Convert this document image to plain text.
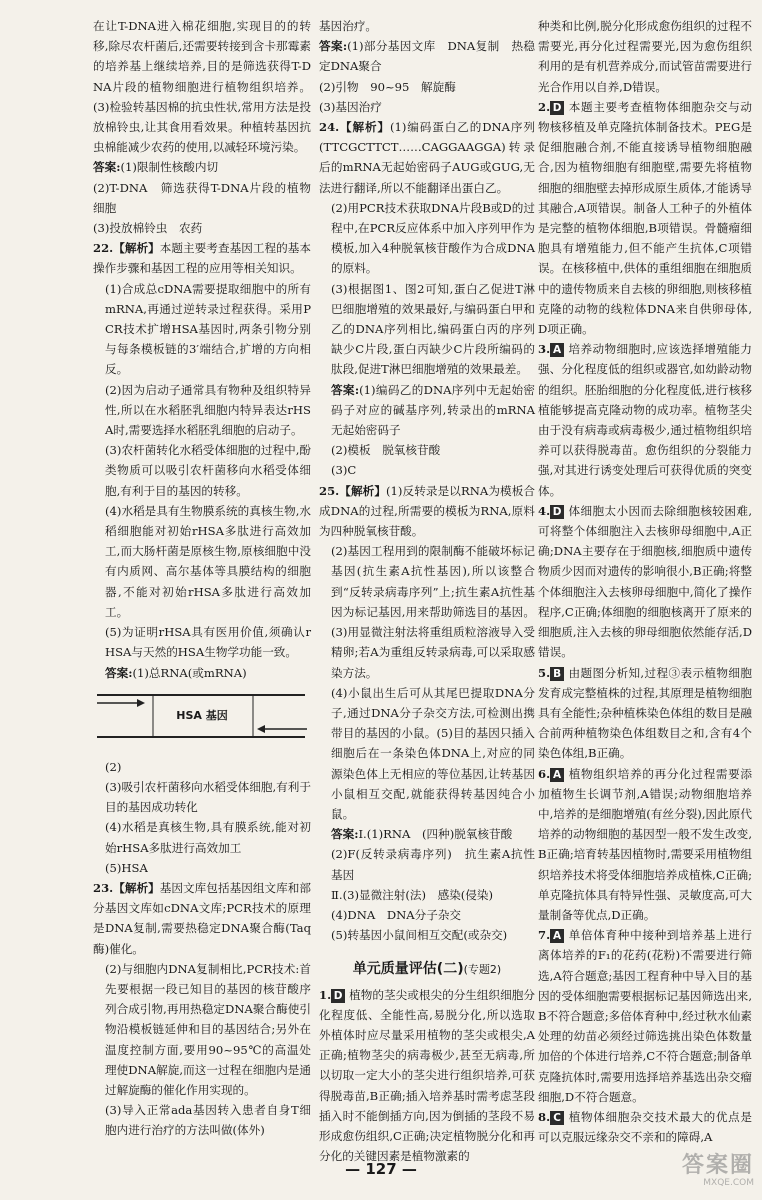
在让T-DNA进入棉花细胞,实现目的的转移,除尽农杆菌后,还需要转接到含卡那霉素的培养基上继续培养,目的是筛选获得T-DNA片段的植物细胞进行植物组织培养。(3)检验转基因棉的抗虫性状,常用方法是投放棉铃虫,让其食用看效果。种植转基因抗虫棉能减少农药的使用,以减轻环境污染。

答案:(1)限制性核酸内切

(2)T-DNA　筛选获得T-DNA片段的植物细胞

(3)投放棉铃虫　农药

22.【解析】本题主要考查基因工程的基本操作步骤和基因工程的应用等相关知识。

(1)合成总cDNA需要提取细胞中的所有mRNA,再通过逆转录过程获得。采用PCR技术扩增HSA基因时,两条引物分别与每条模板链的3′端结合,扩增的方向相反。

(2)因为启动子通常具有物种及组织特异性,所以在水稻胚乳细胞内特异表达rHSA时,需要选择水稻胚乳细胞的启动子。

(3)农杆菌转化水稻受体细胞的过程中,酚类物质可以吸引农杆菌移向水稻受体细胞,有利于目的基因的转移。

(4)水稻是具有生物膜系统的真核生物,水稻细胞能对初始rHSA多肽进行高效加工,而大肠杆菌是原核生物,原核细胞中没有内质网、高尔基体等具膜结构的细胞器,不能对初始rHSA多肽进行高效加工。

(5)为证明rHSA具有医用价值,须确认rHSA与天然的HSA生物学功能一致。

答案:(1)总RNA(或mRNA)

HSA 基因

(2)

(3)吸引农杆菌移向水稻受体细胞,有利于目的基因成功转化

(4)水稻是真核生物,具有膜系统,能对初始rHSA多肽进行高效加工

(5)HSA

23.【解析】基因文库包括基因组文库和部分基因文库如cDNA文库;PCR技术的原理是DNA复制,需要热稳定DNA聚合酶(Taq酶)催化。

(2)与细胞内DNA复制相比,PCR技术:首先要根据一段已知目的基因的核苷酸序列合成引物,再用热稳定DNA聚合酶使引物沿模板链延伸和目的基因结合;另外在温度控制方面,要用90~95℃的高温处理使DNA解旋,而这一过程在细胞内是通过解旋酶的催化作用实现的。

(3)导入正常ada基因转入患者自身T细胞内进行治疗的方法叫做(体外)

基因治疗。

答案:(1)部分基因文库　DNA复制　热稳定DNA聚合

(2)引物　90~95　解旋酶

(3)基因治疗

24.【解析】(1)编码蛋白乙的DNA序列(TTCGCTTCT……CAGGAAGGA)转录后的mRNA无起始密码子AUG或GUG,无法进行翻译,所以不能翻译出蛋白乙。

(2)用PCR技术获取DNA片段B或D的过程中,在PCR反应体系中加入序列甲作为模板,加入4种脱氧核苷酸作为合成DNA的原料。

(3)根据图1、图2可知,蛋白乙促进T淋巴细胞增殖的效果最好,与编码蛋白甲和乙的DNA序列相比,编码蛋白丙的序列缺少C片段,蛋白丙缺少C片段所编码的肽段,促进T淋巴细胞增殖的效果最差。

答案:(1)编码乙的DNA序列中无起始密码子对应的碱基序列,转录出的mRNA无起始密码子

(2)模板　脱氧核苷酸

(3)C

25.【解析】(1)反转录是以RNA为模板合成DNA的过程,所需要的模板为RNA,原料为四种脱氧核苷酸。

(2)基因工程用到的限制酶不能破坏标记基因(抗生素A抗性基因),所以该整合到“反转录病毒序列”上;抗生素A抗性基因为标记基因,用来帮助筛选目的基因。(3)用显微注射法将重组质粒溶液导入受精卵;若A为重组反转录病毒,可以采取感染方法。

(4)小鼠出生后可从其尾巴提取DNA分子,通过DNA分子杂交方法,可检测出携带目的基因的小鼠。(5)目的基因只插入细胞后在一条染色体DNA上,对应的同源染色体上无相应的等位基因,让转基因小鼠相互交配,就能获得转基因纯合小鼠。

答案:Ⅰ.(1)RNA　(四种)脱氧核苷酸

(2)F(反转录病毒序列)　抗生素A抗性基因

Ⅱ.(3)显微注射(法)　感染(侵染)

(4)DNA　DNA分子杂交

(5)转基因小鼠间相互交配(或杂交)

单元质量评估(二)(专题2)

1. D 植物的茎尖或根尖的分生组织细胞分化程度低、全能性高,易脱分化,所以选取外植体时应尽量采用植物的茎尖或根尖,A正确;植物茎尖的病毒极少,甚至无病毒,所以切取一定大小的茎尖进行组织培养,可获得脱毒苗,B正确;插入培养基时需考虑茎段插入时不能倒插方向,因为倒插的茎段不易形成愈伤组织,C正确;决定植物脱分化和再分化的关键因素是植物激素的

种类和比例,脱分化形成愈伤组织的过程不需要光,再分化过程需要光,因为愈伤组织利用的是有机营养成分,而试管苗需要进行光合作用以自养,D错误。

2. D 本题主要考查植物体细胞杂交与动物核移植及单克隆抗体制备技术。PEG是促细胞融合剂,不能直接诱导植物细胞融合,因为植物细胞有细胞壁,需要先将植物细胞的细胞壁去掉形成原生质体,才能诱导其融合,A项错误。制备人工种子的外植体是完整的植物体细胞,B项错误。骨髓瘤细胞具有增殖能力,但不能产生抗体,C项错误。在核移植中,供体的重组细胞在细胞质中的遗传物质来自去核的卵细胞,则核移植克隆的动物的线粒体DNA来自供卵母体,D项正确。

3. A 培养动物细胞时,应该选择增殖能力强、分化程度低的组织或器官,如幼龄动物的组织。胚胎细胞的分化程度低,进行核移植能够提高克隆动物的成功率。植物茎尖由于没有病毒或病毒极少,通过植物组织培养可以获得脱毒苗。愈伤组织的分裂能力强,对其进行诱变处理后可获得优质的突变体。

4. D 体细胞太小因而去除细胞核较困难,可将整个体细胞注入去核卵母细胞中,A正确;DNA主要存在于细胞核,细胞质中遗传物质少因而对遗传的影响很小,B正确;将整个体细胞注入去核卵母细胞中,简化了操作程序,C正确;体细胞的细胞核离开了原来的细胞质,注入去核的卵母细胞依然能存活,D错误。

5. B 由题图分析知,过程③表示植物细胞发育成完整植株的过程,其原理是植物细胞具有全能性;杂种植株染色体组的数目是融合前两种植物染色体组数目之和,含有4个染色体组,B正确。

6. A 植物组织培养的再分化过程需要添加植物生长调节剂,A错误;动物细胞培养中,培养的是细胞增殖(有丝分裂),因此原代培养的动物细胞的基因型一般不发生改变,B正确;培育转基因植物时,需要采用植物组织培养技术将受体细胞培养成植株,C正确;单克隆抗体具有特异性强、灵敏度高,可大量制备等优点,D正确。

7. A 单倍体育种中接种到培养基上进行离体培养的F₁的花药(花粉)不需要进行筛选,A符合题意;基因工程育种中导入目的基因的受体细胞需要根据标记基因筛选出来,B不符合题意;多倍体育种中,经过秋水仙素处理的幼苗必须经过筛选挑出染色体数量加倍的个体进行培养,C不符合题意;制备单克隆抗体时,需要用选择培养基选出杂交瘤细胞,D不符合题意。

8. C 植物体细胞杂交技术最大的优点是可以克服远缘杂交不亲和的障碍,A

— 127 —	答案圈
MXQE.COM
